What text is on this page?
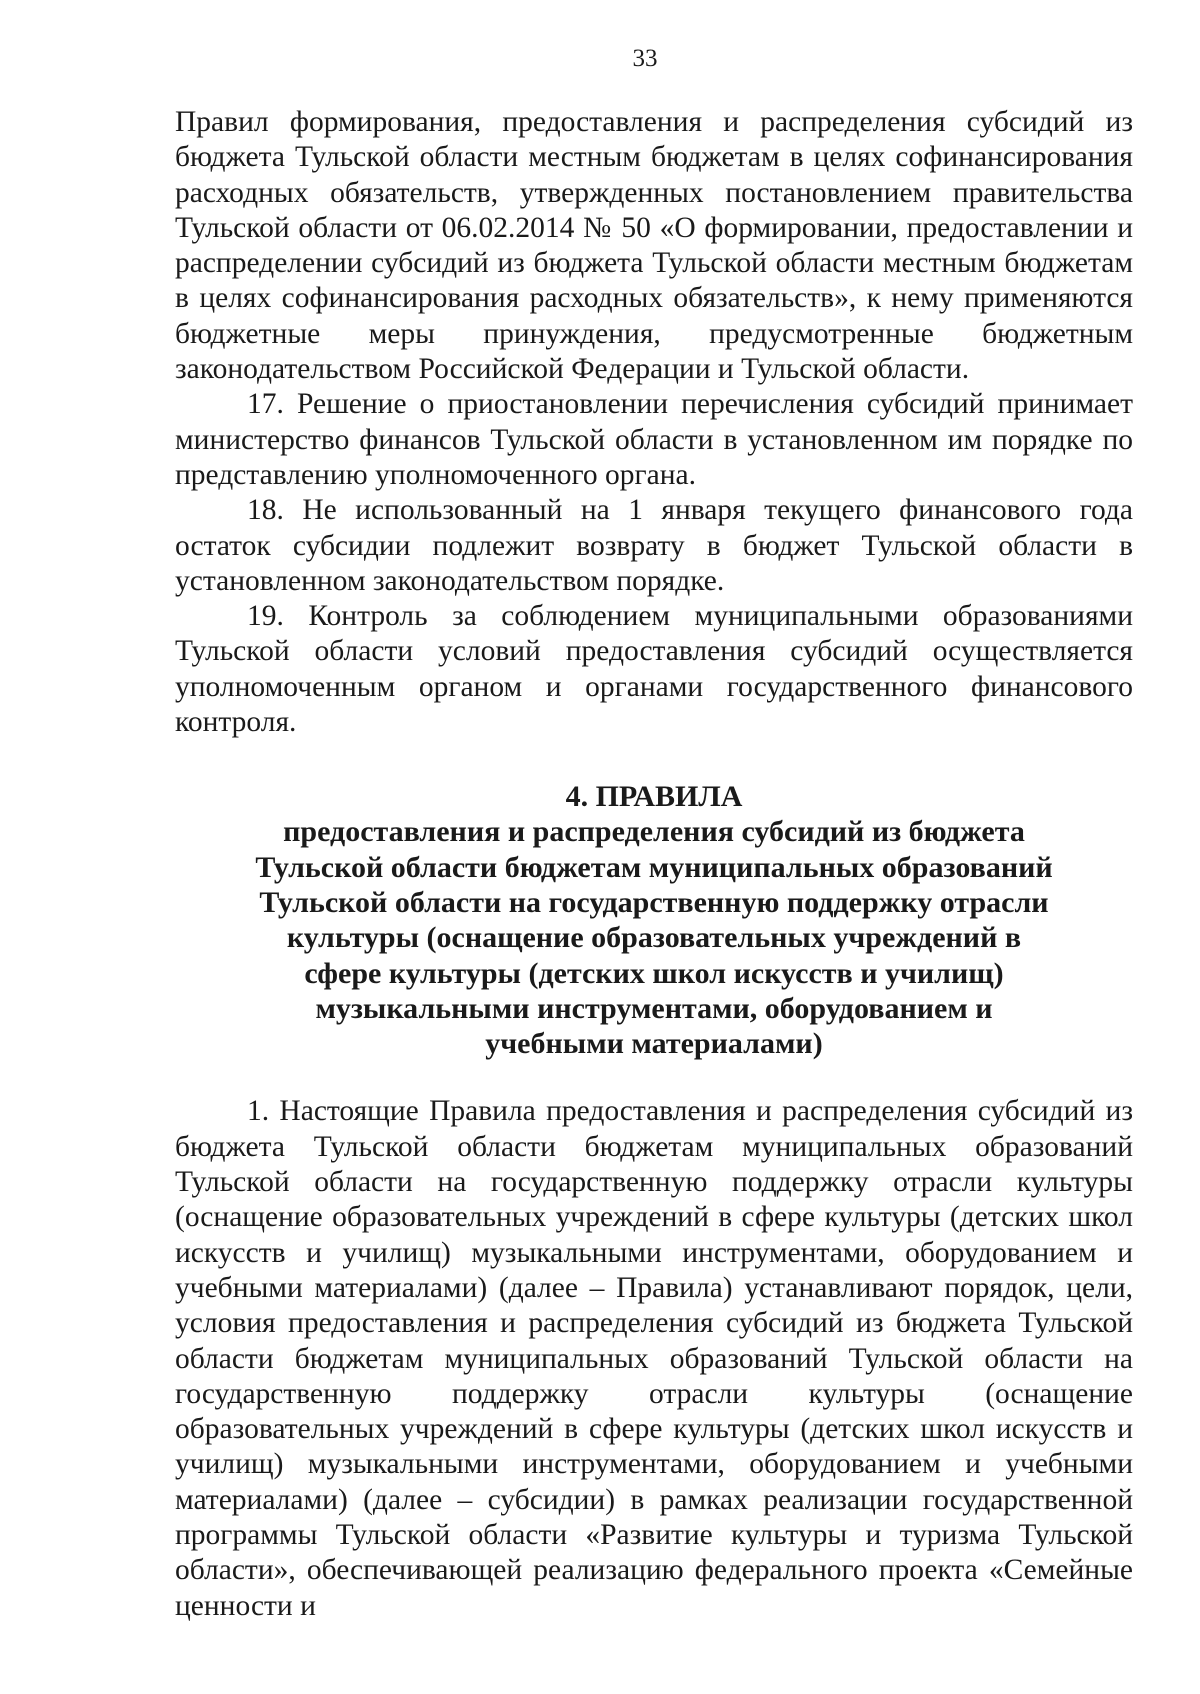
33

Правил формирования, предоставления и распределения субсидий из бюджета Тульской области местным бюджетам в целях софинансирования расходных обязательств, утвержденных постановлением правительства Тульской области от 06.02.2014 № 50 «О формировании, предоставлении и распределении субсидий из бюджета Тульской области местным бюджетам в целях софинансирования расходных обязательств», к нему применяются бюджетные меры принуждения, предусмотренные бюджетным законодательством Российской Федерации и Тульской области.

17. Решение о приостановлении перечисления субсидий принимает министерство финансов Тульской области в установленном им порядке по представлению уполномоченного органа.

18. Не использованный на 1 января текущего финансового года остаток субсидии подлежит возврату в бюджет Тульской области в установленном законодательством порядке.

19. Контроль за соблюдением муниципальными образованиями Тульской области условий предоставления субсидий осуществляется уполномоченным органом и органами государственного финансового контроля.

4. ПРАВИЛА

предоставления и распределения субсидий из бюджета Тульской области бюджетам муниципальных образований Тульской области на государственную поддержку отрасли культуры (оснащение образовательных учреждений в сфере культуры (детских школ искусств и училищ) музыкальными инструментами, оборудованием и учебными материалами)

1. Настоящие Правила предоставления и распределения субсидий из бюджета Тульской области бюджетам муниципальных образований Тульской области на государственную поддержку отрасли культуры (оснащение образовательных учреждений в сфере культуры (детских школ искусств и училищ) музыкальными инструментами, оборудованием и учебными материалами) (далее – Правила) устанавливают порядок, цели, условия предоставления и распределения субсидий из бюджета Тульской области бюджетам муниципальных образований Тульской области на государственную поддержку отрасли культуры (оснащение образовательных учреждений в сфере культуры (детских школ искусств и училищ) музыкальными инструментами, оборудованием и учебными материалами) (далее – субсидии) в рамках реализации государственной программы Тульской области «Развитие культуры и туризма Тульской области», обеспечивающей реализацию федерального проекта «Семейные ценности и
